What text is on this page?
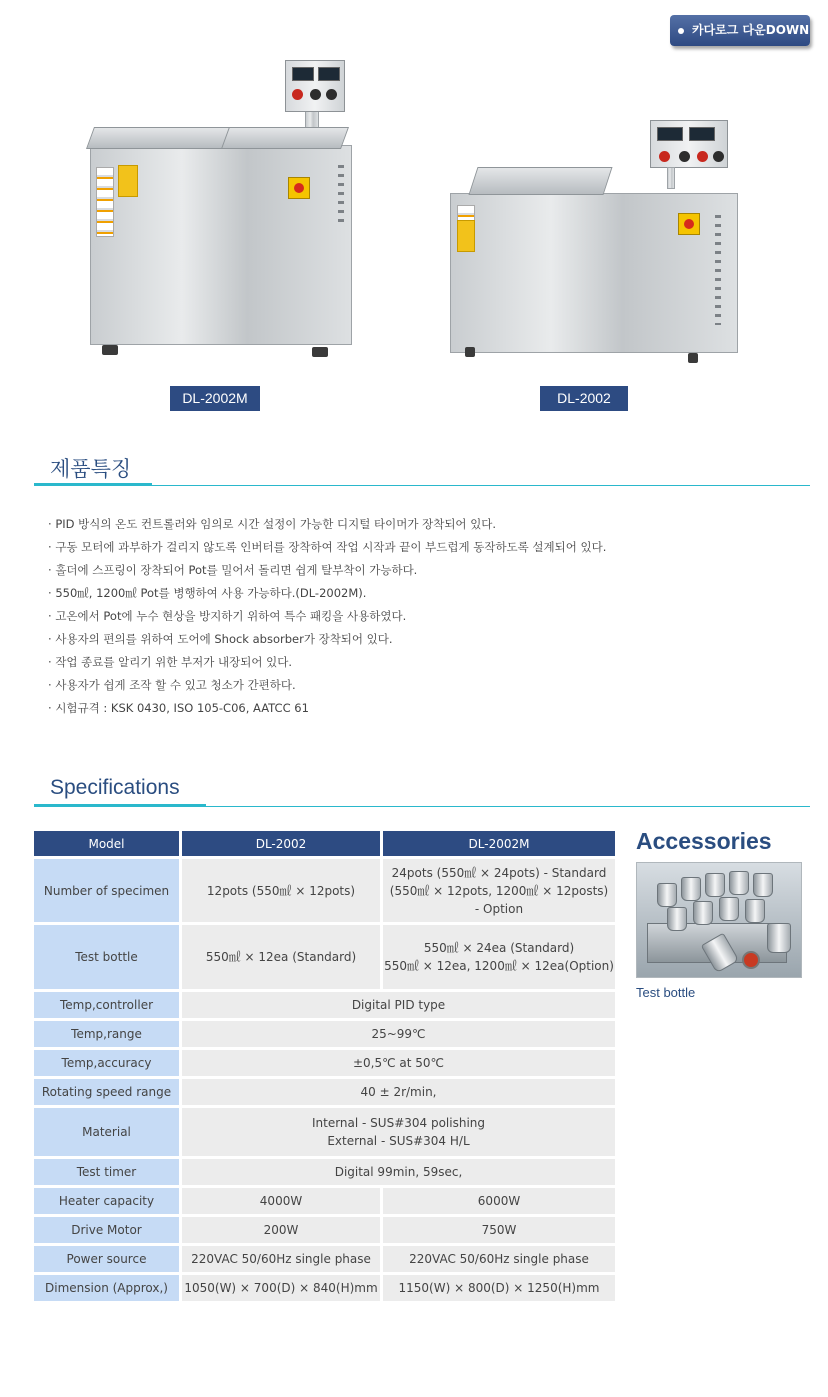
카다로그 다운DOWN
DL-2002M	DL-2002
제품특징
· PID 방식의 온도 컨트롤러와 임의로 시간 설정이 가능한 디지털 타이머가 장착되어 있다.
· 구동 모터에 과부하가 걸리지 않도록 인버터를 장착하여 작업 시작과 끝이 부드럽게 동작하도록 설계되어 있다.
· 홀더에 스프링이 장착되어 Pot를 밀어서 돌리면 쉽게 탈부착이 가능하다.
· 550㎖, 1200㎖ Pot를 병행하여 사용 가능하다.(DL-2002M).
· 고온에서 Pot에 누수 현상을 방지하기 위하여 특수 패킹을 사용하였다.
· 사용자의 편의를 위하여 도어에 Shock absorber가 장착되어 있다.
· 작업 종료를 알리기 위한 부저가 내장되어 있다.
· 사용자가 쉽게 조작 할 수 있고 청소가 간편하다.
· 시험규격 : KSK 0430, ISO 105-C06, AATCC 61
Specifications
Model	DL-2002	DL-2002M
Number of specimen	12pots (550㎖ × 12pots)	24pots (550㎖ × 24pots) - Standard
(550㎖ × 12pots, 1200㎖ × 12posts)
- Option

Test bottle	550㎖ × 12ea (Standard)	550㎖ × 24ea (Standard)
550㎖ × 12ea, 1200㎖ × 12ea(Option)

Temp,controller	Digital PID type	
Temp,range	25~99℃	
Temp,accuracy	±0,5℃ at 50℃	
Rotating speed range	40 ± 2r/min,	
Material	Internal - SUS#304 polishing
External - SUS#304 H/L	

Test timer	Digital 99min, 59sec,	
Heater capacity	4000W	6000W
Drive Motor	200W	750W
Power source	220VAC 50/60Hz single phase	220VAC 50/60Hz single phase
Dimension (Approx,)	1050(W) × 700(D) × 840(H)mm	1150(W) × 800(D) × 1250(H)mm
Accessories
Test bottle
